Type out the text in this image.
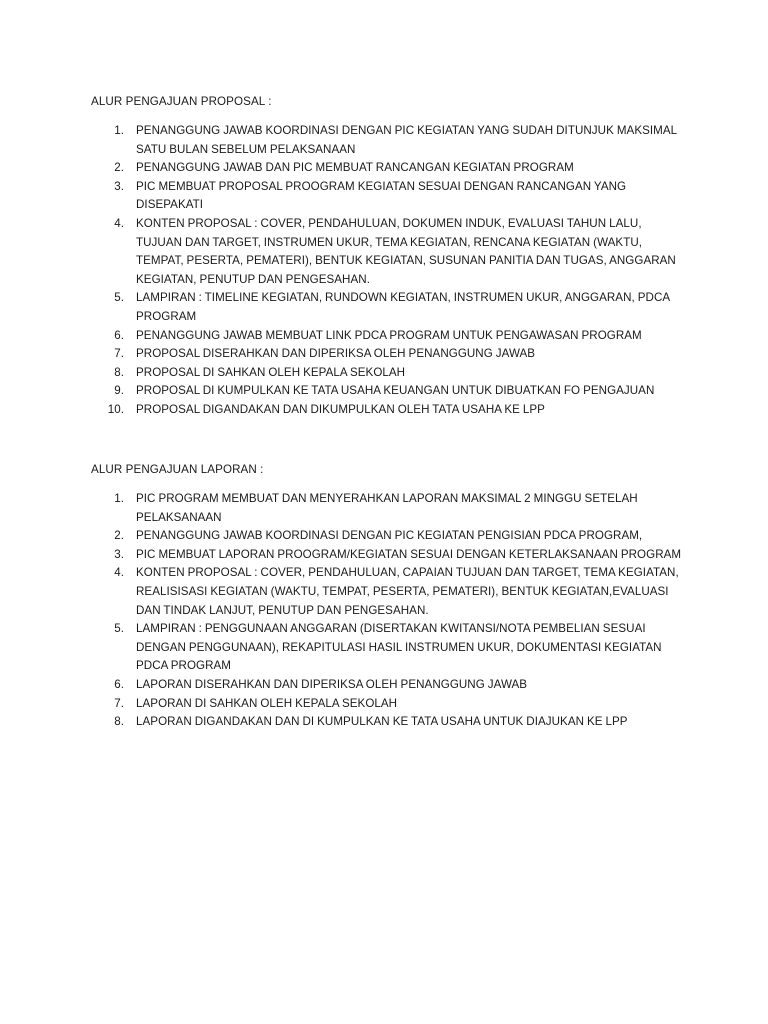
ALUR PENGAJUAN PROPOSAL :
1. PENANGGUNG JAWAB KOORDINASI DENGAN PIC KEGIATAN YANG SUDAH DITUNJUK MAKSIMAL SATU BULAN SEBELUM PELAKSANAAN
2. PENANGGUNG JAWAB DAN PIC MEMBUAT RANCANGAN KEGIATAN PROGRAM
3. PIC MEMBUAT PROPOSAL PROOGRAM KEGIATAN SESUAI DENGAN RANCANGAN YANG DISEPAKATI
4. KONTEN PROPOSAL : COVER, PENDAHULUAN, DOKUMEN INDUK, EVALUASI TAHUN LALU, TUJUAN DAN TARGET, INSTRUMEN UKUR, TEMA KEGIATAN, RENCANA KEGIATAN (WAKTU, TEMPAT, PESERTA, PEMATERI), BENTUK KEGIATAN, SUSUNAN PANITIA DAN TUGAS, ANGGARAN KEGIATAN, PENUTUP DAN PENGESAHAN.
5. LAMPIRAN : TIMELINE KEGIATAN, RUNDOWN KEGIATAN, INSTRUMEN UKUR, ANGGARAN, PDCA PROGRAM
6. PENANGGUNG JAWAB MEMBUAT LINK PDCA PROGRAM UNTUK PENGAWASAN PROGRAM
7. PROPOSAL DISERAHKAN DAN DIPERIKSA OLEH PENANGGUNG JAWAB
8. PROPOSAL DI SAHKAN OLEH KEPALA SEKOLAH
9. PROPOSAL DI KUMPULKAN KE TATA USAHA KEUANGAN UNTUK DIBUATKAN FO PENGAJUAN
10. PROPOSAL DIGANDAKAN DAN DIKUMPULKAN OLEH TATA USAHA KE LPP
ALUR PENGAJUAN LAPORAN :
1. PIC PROGRAM MEMBUAT DAN MENYERAHKAN LAPORAN MAKSIMAL 2 MINGGU SETELAH PELAKSANAAN
2. PENANGGUNG JAWAB KOORDINASI DENGAN PIC KEGIATAN PENGISIAN PDCA PROGRAM,
3. PIC MEMBUAT LAPORAN PROOGRAM/KEGIATAN SESUAI DENGAN KETERLAKSANAAN PROGRAM
4. KONTEN PROPOSAL : COVER, PENDAHULUAN, CAPAIAN TUJUAN DAN TARGET, TEMA KEGIATAN, REALISISASI KEGIATAN (WAKTU, TEMPAT, PESERTA, PEMATERI), BENTUK KEGIATAN,EVALUASI DAN TINDAK LANJUT, PENUTUP DAN PENGESAHAN.
5. LAMPIRAN : PENGGUNAAN ANGGARAN (DISERTAKAN KWITANSI/NOTA PEMBELIAN SESUAI DENGAN PENGGUNAAN), REKAPITULASI HASIL INSTRUMEN UKUR, DOKUMENTASI KEGIATAN PDCA PROGRAM
6. LAPORAN DISERAHKAN DAN DIPERIKSA OLEH PENANGGUNG JAWAB
7. LAPORAN DI SAHKAN OLEH KEPALA SEKOLAH
8. LAPORAN DIGANDAKAN DAN DI KUMPULKAN KE TATA USAHA UNTUK DIAJUKAN KE LPP
